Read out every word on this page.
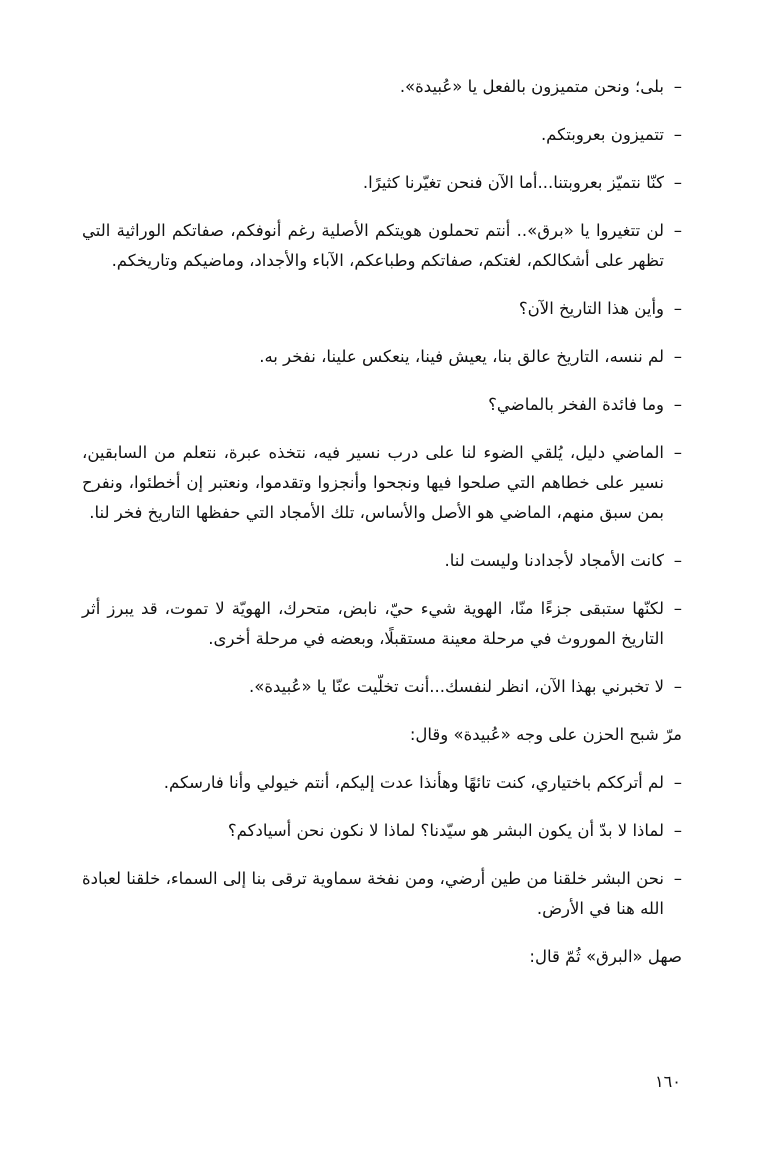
–
بلى؛ ونحن متميزون بالفعل يا «عُبيدة».

–
تتميزون بعروبتكم.

–
كنّا نتميّز بعروبتنا...أما الآن فنحن تغيّرنا كثيرًا.

–
لن تتغيروا يا «برق».. أنتم تحملون هويتكم الأصلية رغم أنوفكم، صفاتكم الوراثية التي تظهر على أشكالكم، لغتكم، صفاتكم وطباعكم، الآباء والأجداد، وماضيكم وتاريخكم.

–
وأين هذا التاريخ الآن؟

–
لم ننسه، التاريخ عالق بنا، يعيش فينا، ينعكس علينا، نفخر به.

–
وما فائدة الفخر بالماضي؟

–
الماضي دليل، يُلقي الضوء لنا على درب نسير فيه، نتخذه عبرة، نتعلم من السابقين، نسير على خطاهم التي صلحوا فيها ونجحوا وأنجزوا وتقدموا، ونعتبر إن أخطئوا، ونفرح بمن سبق منهم، الماضي هو الأصل والأساس، تلك الأمجاد التي حفظها التاريخ فخر لنا.

–
كانت الأمجاد لأجدادنا وليست لنا.

–
لكنّها ستبقى جزءًا منّا، الهوية شيء حيّ، نابض، متحرك، الهويّة لا تموت، قد يبرز أثر التاريخ الموروث في مرحلة معينة مستقبلًا، وبعضه في مرحلة أخرى.

–
لا تخبرني بهذا الآن، انظر لنفسك...أنت تخلّيت عنّا يا «عُبيدة».

مرّ شبح الحزن على وجه «عُبيدة» وقال:

–
لم أترككم باختياري، كنت تائهًا وهأنذا عدت إليكم، أنتم خيولي وأنا فارسكم.

–
لماذا لا بدّ أن يكون البشر هو سيّدنا؟ لماذا لا نكون نحن أسيادكم؟

–
نحن البشر خلقنا من طين أرضي، ومن نفخة سماوية ترقى بنا إلى السماء، خلقنا لعبادة الله هنا في الأرض.

صهل «البرق» ثُمّ قال:

١٦٠
